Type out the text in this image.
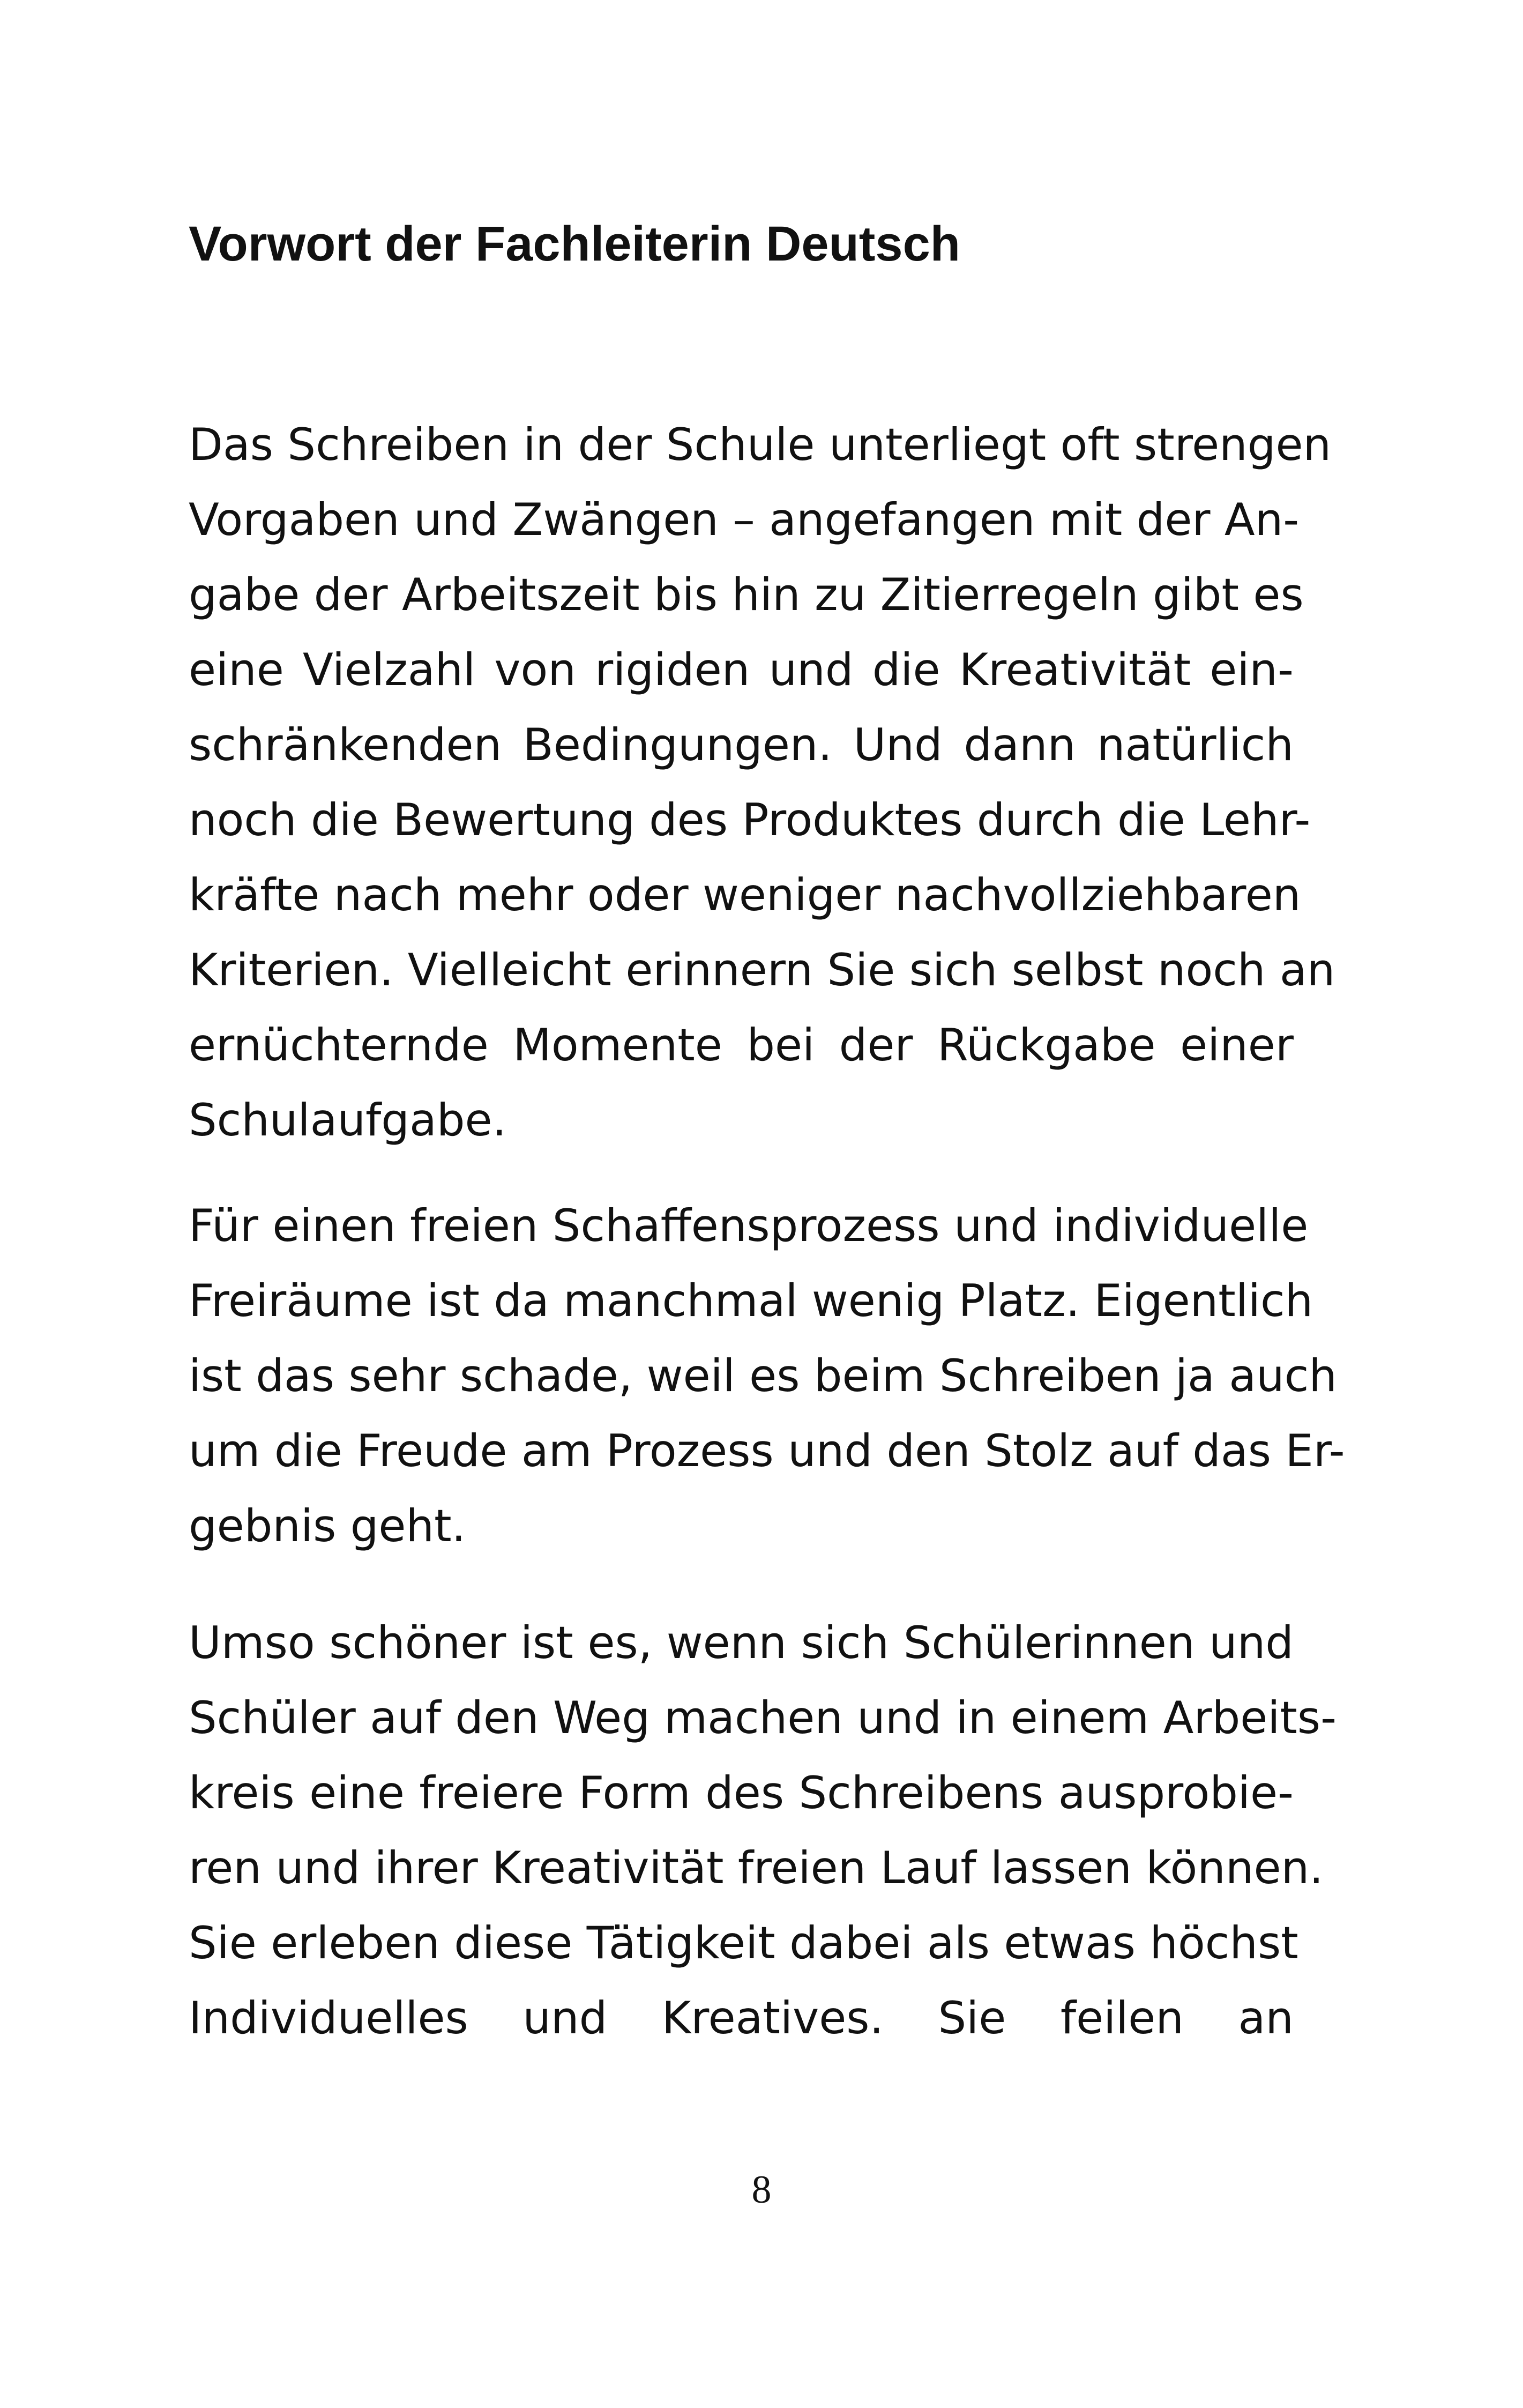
Vorwort der Fachleiterin Deutsch
Das Schreiben in der Schule unterliegt oft strengen
Vorgaben und Zwängen – angefangen mit der An-
gabe der Arbeitszeit bis hin zu Zitierregeln gibt es
eine Vielzahl von rigiden und die Kreativität ein-
schränkenden Bedingungen. Und dann natürlich
noch die Bewertung des Produktes durch die Lehr-
kräfte nach mehr oder weniger nachvollziehbaren
Kriterien. Vielleicht erinnern Sie sich selbst noch an
ernüchternde Momente bei der Rückgabe einer
Schulaufgabe.
Für einen freien Schaffensprozess und individuelle
Freiräume ist da manchmal wenig Platz. Eigentlich
ist das sehr schade, weil es beim Schreiben ja auch
um die Freude am Prozess und den Stolz auf das Er-
gebnis geht.
Umso schöner ist es, wenn sich Schülerinnen und
Schüler auf den Weg machen und in einem Arbeits-
kreis eine freiere Form des Schreibens ausprobie-
ren und ihrer Kreativität freien Lauf lassen können.
Sie erleben diese Tätigkeit dabei als etwas höchst
Individuelles und Kreatives. Sie feilen an
8
